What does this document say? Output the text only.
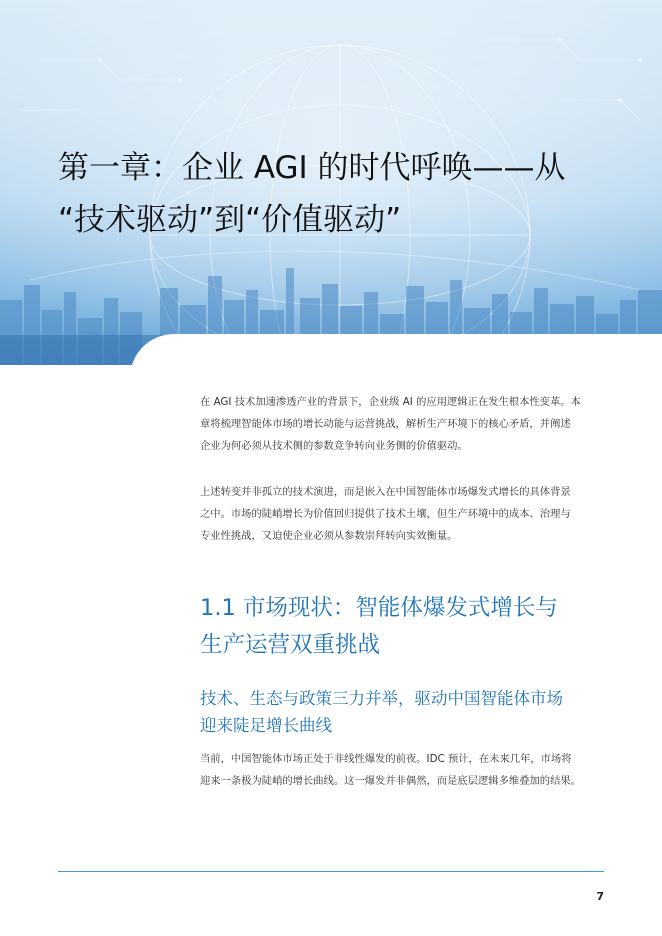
第一章：企业 AGI 的时代呼唤——从
“技术驱动”到“价值驱动”

在 AGI 技术加速渗透产业的背景下，企业级 AI 的应用逻辑正在发生根本性变革。本
章将梳理智能体市场的增长动能与运营挑战，解析生产环境下的核心矛盾，并阐述
企业为何必须从技术侧的参数竞争转向业务侧的价值驱动。

上述转变并非孤立的技术演进，而是嵌入在中国智能体市场爆发式增长的具体背景
之中。市场的陡峭增长为价值回归提供了技术土壤，但生产环境中的成本、治理与
专业性挑战，又迫使企业必须从参数崇拜转向实效衡量。

1.1 市场现状：智能体爆发式增长与
生产运营双重挑战
技术、生态与政策三力并举，驱动中国智能体市场
迎来陡足增长曲线

当前，中国智能体市场正处于非线性爆发的前夜。IDC 预计，在未来几年，市场将
迎来一条极为陡峭的增长曲线。这一爆发并非偶然，而是底层逻辑多维叠加的结果。

7
